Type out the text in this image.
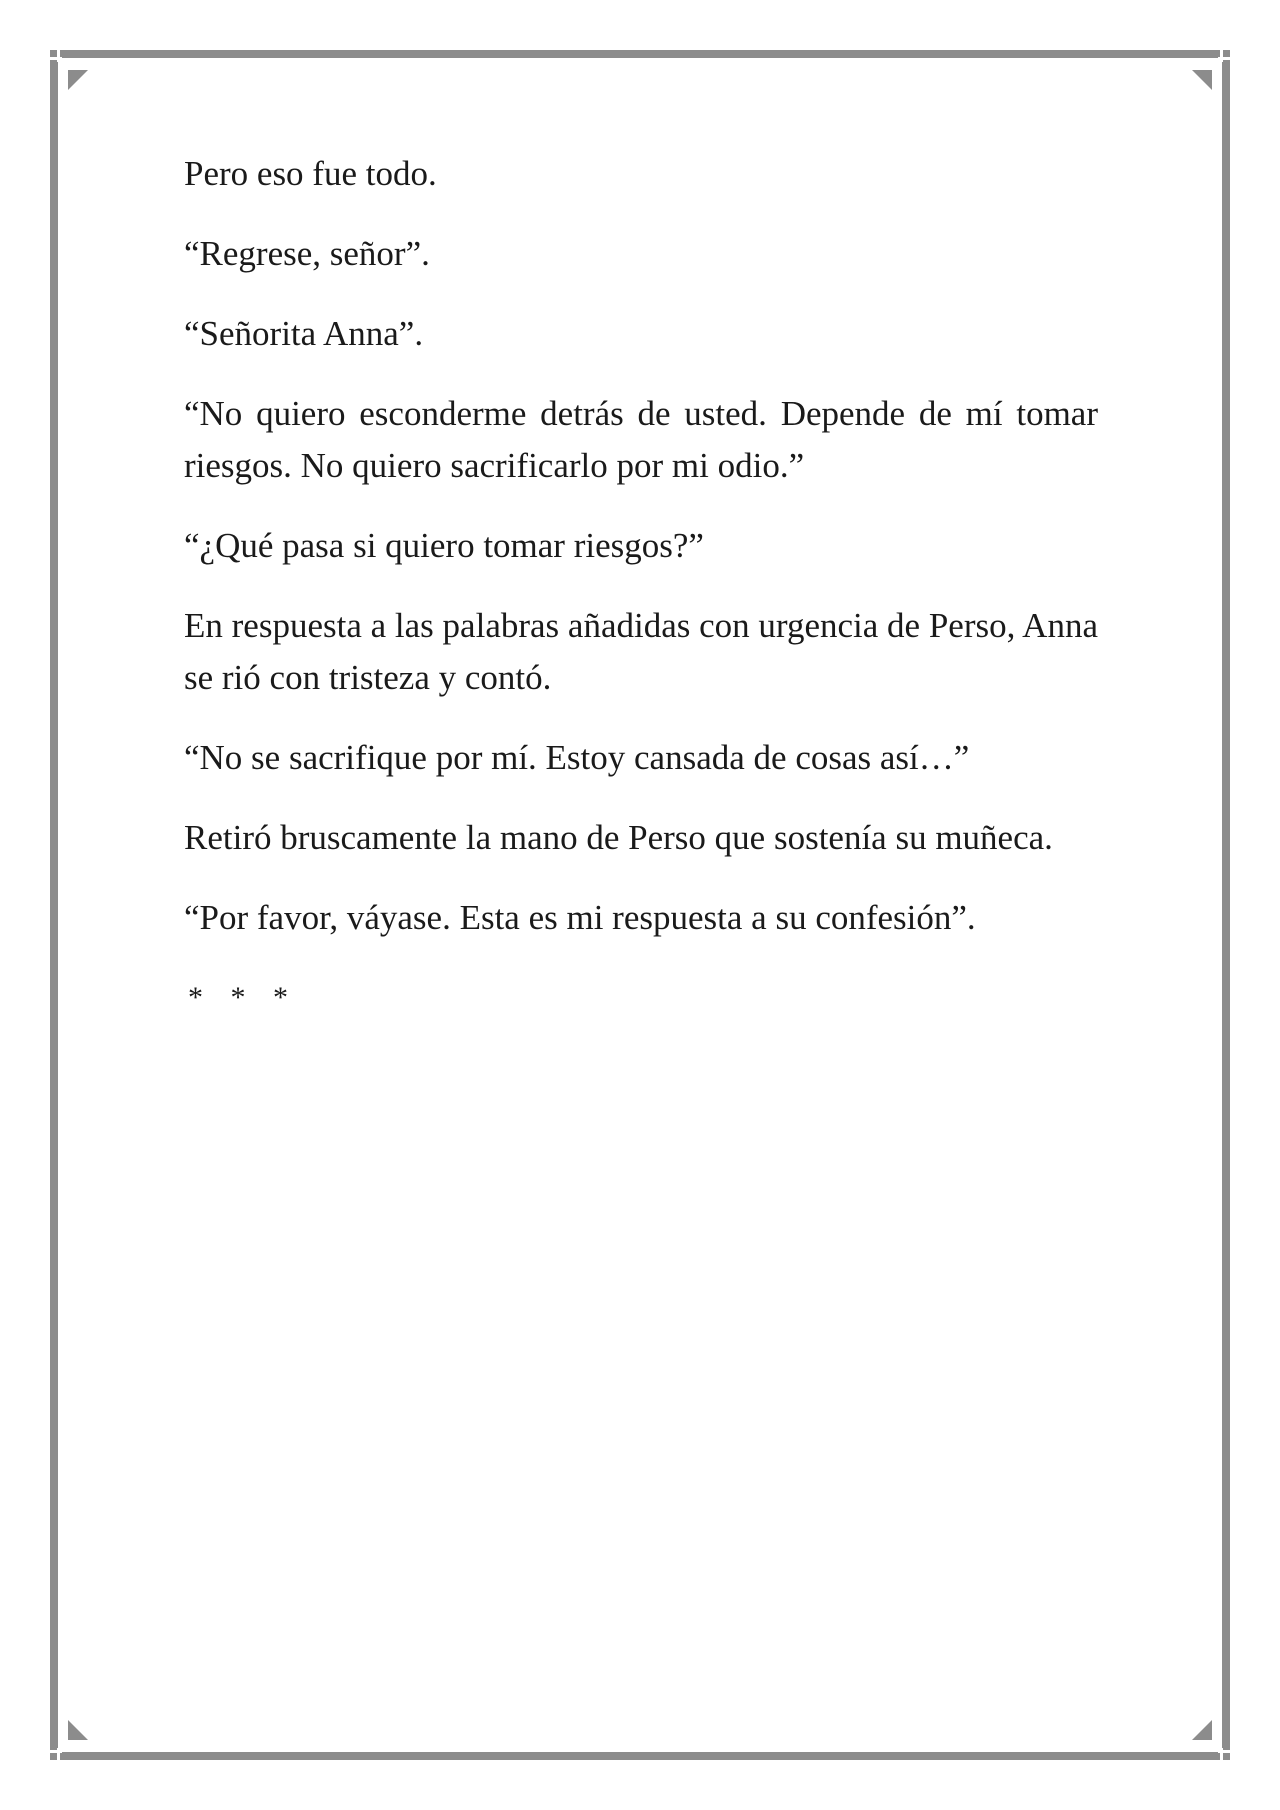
Pero eso fue todo.

“Regrese, señor”.

“Señorita Anna”.

“No quiero esconderme detrás de usted. Depende de mí tomar riesgos. No quiero sacrificarlo por mi odio.”

“¿Qué pasa si quiero tomar riesgos?”

En respuesta a las palabras añadidas con urgencia de Perso, Anna se rió con tristeza y contó.

“No se sacrifique por mí. Estoy cansada de cosas así…”

Retiró bruscamente la mano de Perso que sostenía su muñeca.

“Por favor, váyase. Esta es mi respuesta a su confesión”.

* * *
